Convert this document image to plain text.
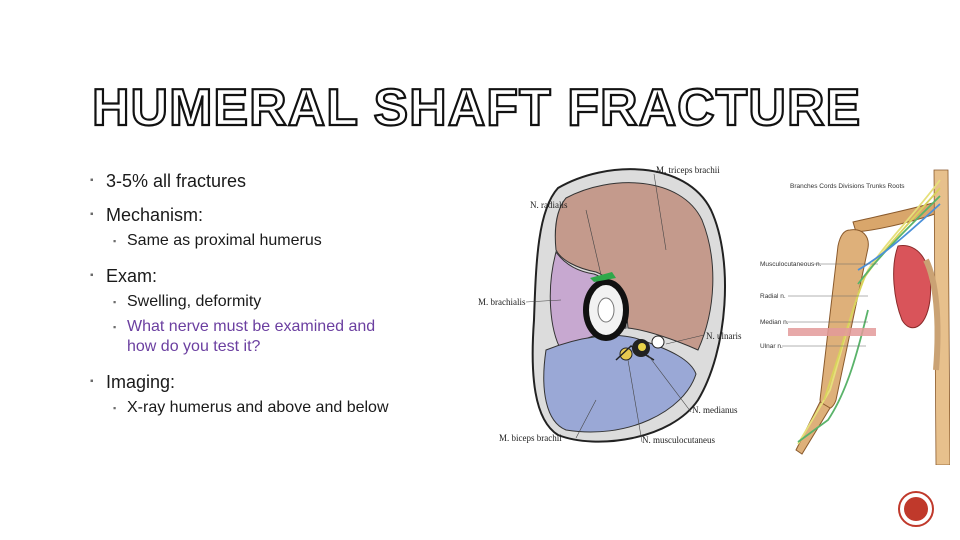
HUMERAL SHAFT FRACTURE
▪ 3-5% all fractures
▪ Mechanism:
▪ Same as proximal humerus
▪ Exam:
▪ Swelling, deformity
▪ What nerve must be examined and
how do you test it?
▪ Imaging:
▪ X-ray humerus and above and below
M. triceps brachii
N. radialis
M. brachialis
N. ulnaris
N. medianus
M. biceps brachii	N. musculocutaneus
Branches Cords Divisions Trunks Roots
Musculocutaneous n.
Radial n.
Median n.
Ulnar n.
